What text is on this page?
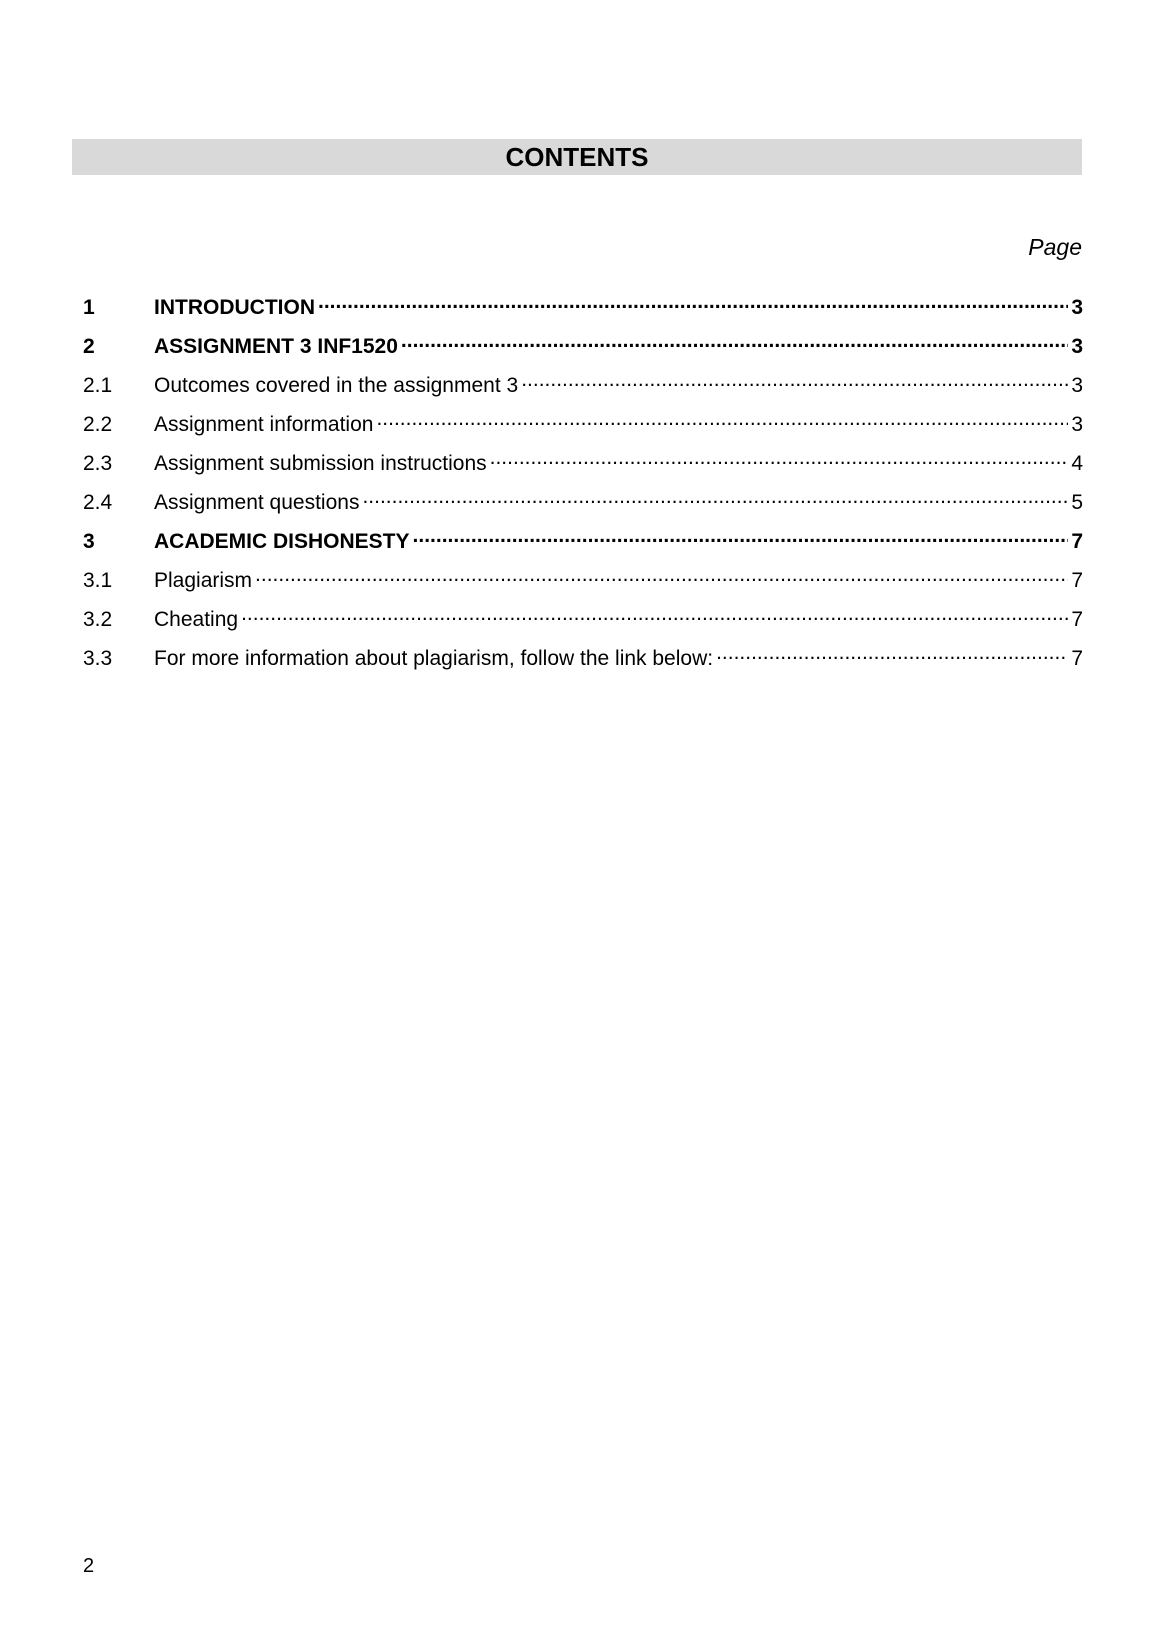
CONTENTS
Page
1	INTRODUCTION .....	3
2	ASSIGNMENT 3 INF1520 .....	3
2.1	Outcomes covered in the assignment 3 .....	3
2.2	Assignment information .....	3
2.3	Assignment submission instructions .....	4
2.4	Assignment questions .....	5
3	ACADEMIC DISHONESTY .....	7
3.1	Plagiarism .....	7
3.2	Cheating .....	7
3.3	For more information about plagiarism, follow the link below: .....	7
2
